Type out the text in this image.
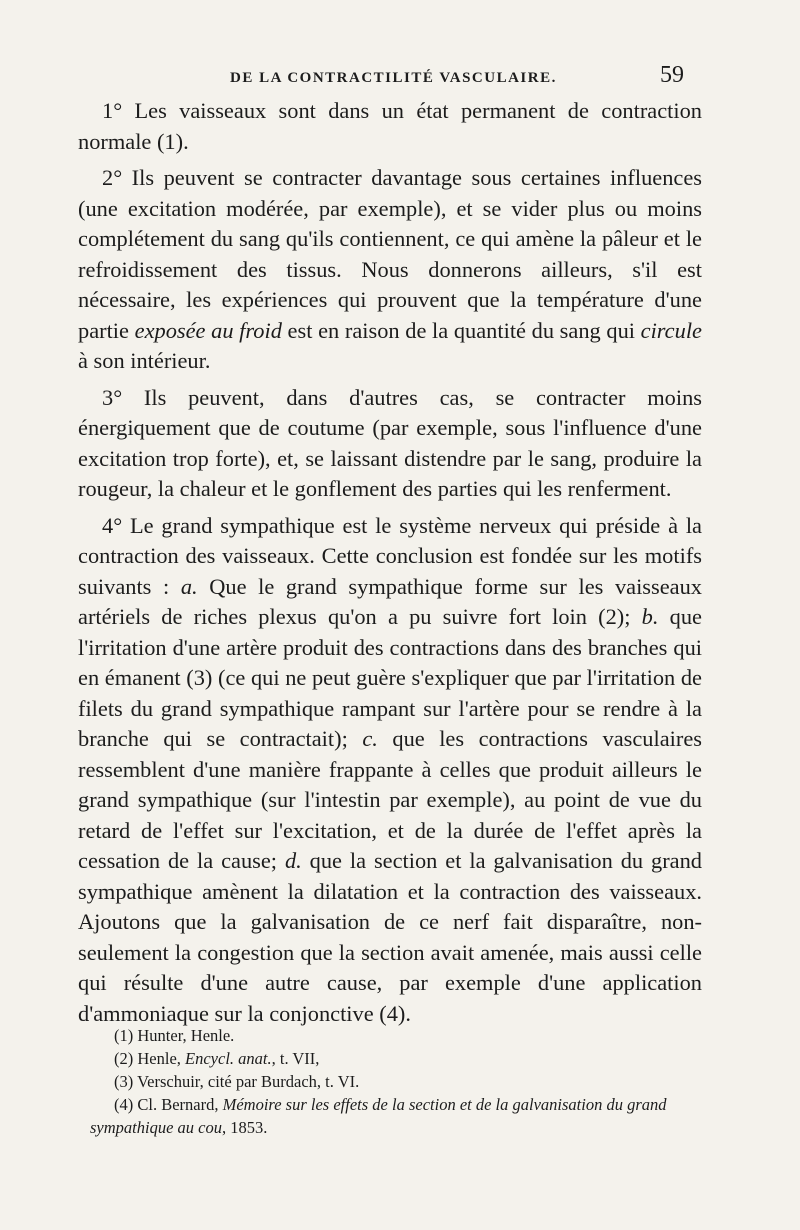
DE LA CONTRACTILITÉ VASCULAIRE.	59

1° Les vaisseaux sont dans un état permanent de contraction normale (1).

2° Ils peuvent se contracter davantage sous certaines influences (une excitation modérée, par exemple), et se vider plus ou moins complétement du sang qu'ils contiennent, ce qui amène la pâleur et le refroidissement des tissus. Nous donnerons ailleurs, s'il est nécessaire, les expériences qui prouvent que la température d'une partie exposée au froid est en raison de la quantité du sang qui circule à son intérieur.

3° Ils peuvent, dans d'autres cas, se contracter moins énergiquement que de coutume (par exemple, sous l'influence d'une excitation trop forte), et, se laissant distendre par le sang, produire la rougeur, la chaleur et le gonflement des parties qui les renferment.

4° Le grand sympathique est le système nerveux qui préside à la contraction des vaisseaux. Cette conclusion est fondée sur les motifs suivants : a. Que le grand sympathique forme sur les vaisseaux artériels de riches plexus qu'on a pu suivre fort loin (2); b. que l'irritation d'une artère produit des contractions dans des branches qui en émanent (3) (ce qui ne peut guère s'expliquer que par l'irritation de filets du grand sympathique rampant sur l'artère pour se rendre à la branche qui se contractait); c. que les contractions vasculaires ressemblent d'une manière frappante à celles que produit ailleurs le grand sympathique (sur l'intestin par exemple), au point de vue du retard de l'effet sur l'excitation, et de la durée de l'effet après la cessation de la cause; d. que la section et la galvanisation du grand sympathique amènent la dilatation et la contraction des vaisseaux. Ajoutons que la galvanisation de ce nerf fait disparaître, non-seulement la congestion que la section avait amenée, mais aussi celle qui résulte d'une autre cause, par exemple d'une application d'ammoniaque sur la conjonctive (4).

(1) Hunter, Henle.

(2) Henle, Encycl. anat., t. VII,

(3) Verschuir, cité par Burdach, t. VI.

(4) Cl. Bernard, Mémoire sur les effets de la section et de la galvanisation du grand sympathique au cou, 1853.
